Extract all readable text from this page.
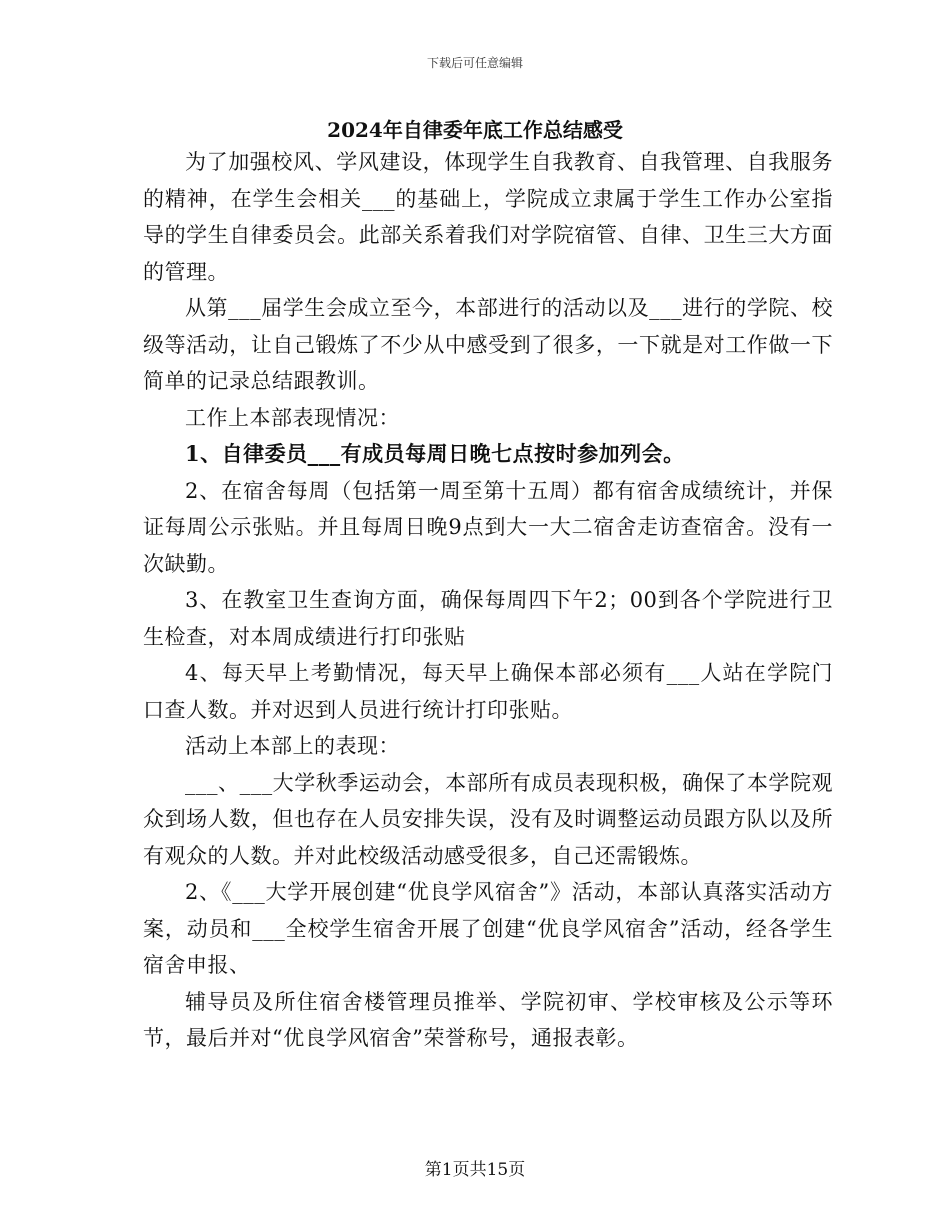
下载后可任意编辑
2024年自律委年底工作总结感受

为了加强校风、学风建设，体现学生自我教育、自我管理、自我服务的精神，在学生会相关___的基础上，学院成立隶属于学生工作办公室指导的学生自律委员会。此部关系着我们对学院宿管、自律、卫生三大方面的管理。

从第___届学生会成立至今，本部进行的活动以及___进行的学院、校级等活动，让自己锻炼了不少从中感受到了很多，一下就是对工作做一下简单的记录总结跟教训。

工作上本部表现情况：

1、自律委员___有成员每周日晚七点按时参加列会。

2、在宿舍每周（包括第一周至第十五周）都有宿舍成绩统计，并保证每周公示张贴。并且每周日晚9点到大一大二宿舍走访查宿舍。没有一次缺勤。

3、在教室卫生查询方面，确保每周四下午2；00到各个学院进行卫生检查，对本周成绩进行打印张贴

4、每天早上考勤情况，每天早上确保本部必须有___人站在学院门口查人数。并对迟到人员进行统计打印张贴。

活动上本部上的表现：

___、___大学秋季运动会，本部所有成员表现积极，确保了本学院观众到场人数，但也存在人员安排失误，没有及时调整运动员跟方队以及所有观众的人数。并对此校级活动感受很多，自己还需锻炼。

2、《___大学开展创建“优良学风宿舍”》活动，本部认真落实活动方案，动员和___全校学生宿舍开展了创建“优良学风宿舍”活动，经各学生宿舍申报、

辅导员及所住宿舍楼管理员推举、学院初审、学校审核及公示等环节，最后并对“优良学风宿舍”荣誉称号，通报表彰。

第1页共15页
